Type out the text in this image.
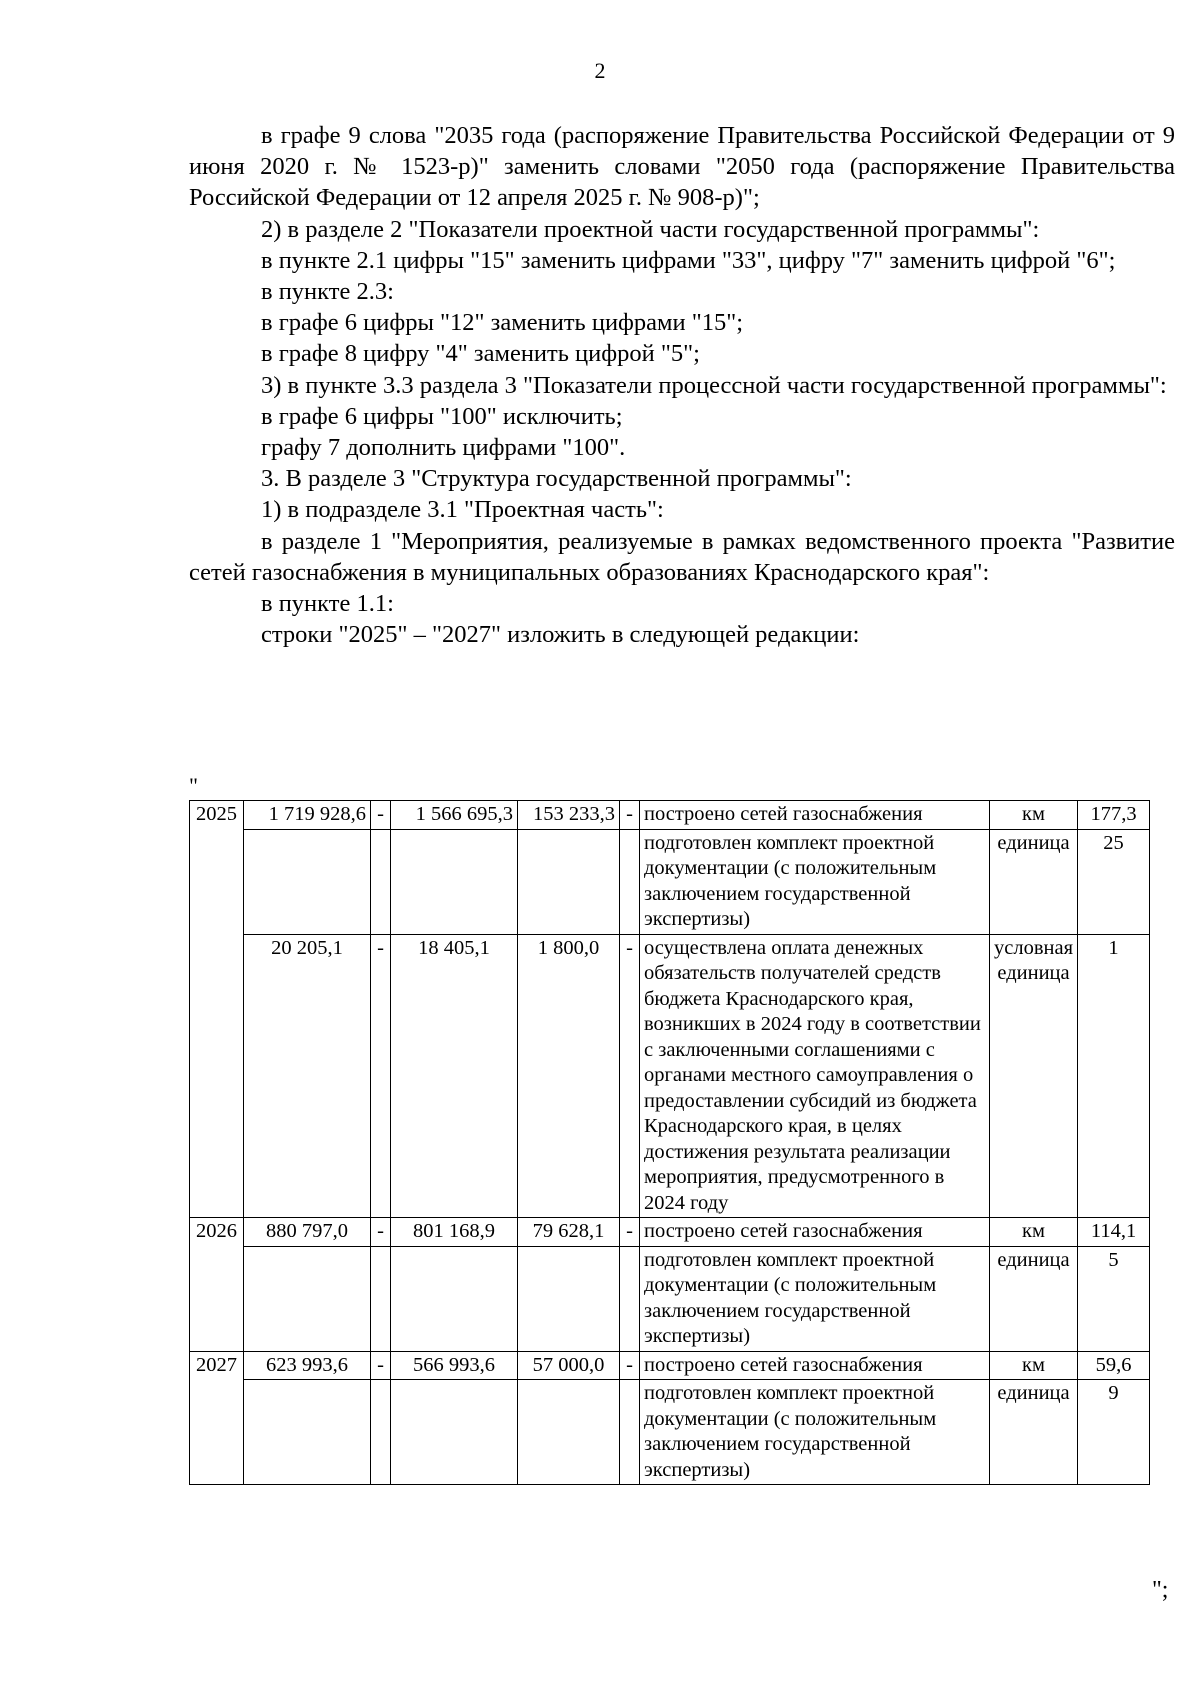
2

в графе 9 слова "2035 года (распоряжение Правительства Российской Федерации от 9 июня 2020 г. № 1523-р)" заменить словами "2050 года (распоряжение Правительства Российской Федерации от 12 апреля 2025 г. № 908-р)";

2) в разделе 2 "Показатели проектной части государственной программы":

в пункте 2.1 цифры "15" заменить цифрами "33", цифру "7" заменить цифрой "6";

в пункте 2.3:

в графе 6 цифры "12" заменить цифрами "15";

в графе 8 цифру "4" заменить цифрой "5";

3) в пункте 3.3 раздела 3 "Показатели процессной части государственной программы":

в графе 6 цифры "100" исключить;

графу 7 дополнить цифрами "100".

3. В разделе 3 "Структура государственной программы":

1) в подразделе 3.1 "Проектная часть":

в разделе 1 "Мероприятия, реализуемые в рамках ведомственного проекта "Развитие сетей газоснабжения в муниципальных образованиях Краснодарского края":

в пункте 1.1:

строки "2025" – "2027" изложить в следующей редакции:

"
2025	1 719 928,6	-	1 566 695,3	153 233,3	-	построено сетей газоснабжения	км	177,3
						подготовлен комплект проектной документации (с положительным заключением государственной экспертизы)	единица	25
	20 205,1	-	18 405,1	1 800,0	-	осуществлена оплата денежных обязательств получателей средств бюджета Краснодарского края, возникших в 2024 году в соответствии с заключенными соглашениями с органами местного самоуправления о предоставлении субсидий из бюджета Краснодарского края, в целях достижения результата реализации мероприятия, предусмотренного в 2024 году	условная единица	1
2026	880 797,0	-	801 168,9	79 628,1	-	построено сетей газоснабжения	км	114,1
						подготовлен комплект проектной документации (с положительным заключением государственной экспертизы)	единица	5
2027	623 993,6	-	566 993,6	57 000,0	-	построено сетей газоснабжения	км	59,6
						подготовлен комплект проектной документации (с положительным заключением государственной экспертизы)	единица	9
";
